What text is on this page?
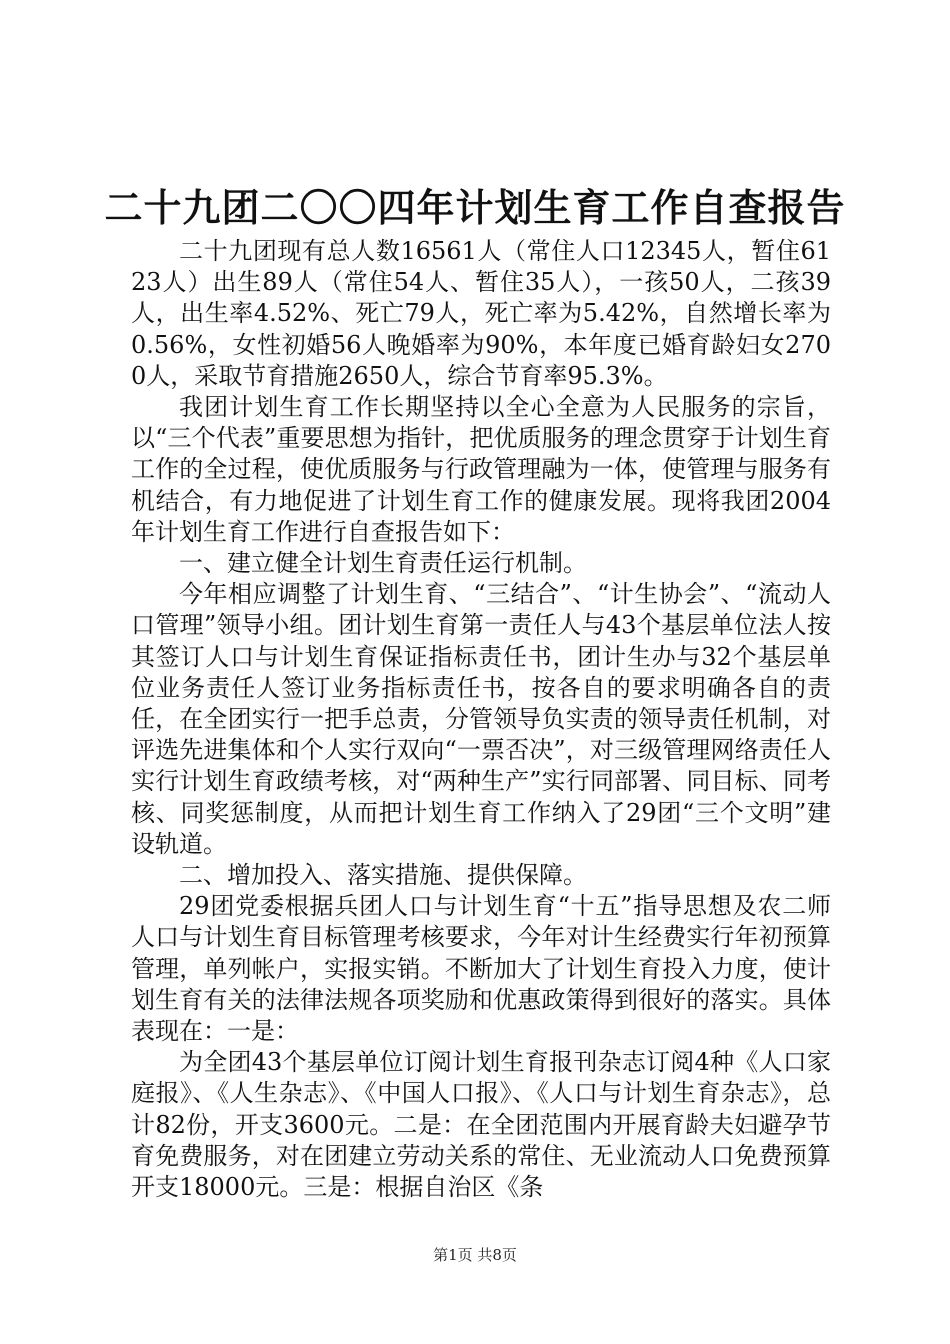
二十九团二〇〇四年计划生育工作自查报告

二十九团现有总人数16561人（常住人口12345人，暂住6123人）出生89人（常住54人、暂住35人），一孩50人，二孩39人，出生率4.52%、死亡79人，死亡率为5.42%，自然增长率为0.56%，女性初婚56人晚婚率为90%，本年度已婚育龄妇女2700人，采取节育措施2650人，综合节育率95.3%。

我团计划生育工作长期坚持以全心全意为人民服务的宗旨，以“三个代表”重要思想为指针，把优质服务的理念贯穿于计划生育工作的全过程，使优质服务与行政管理融为一体，使管理与服务有机结合，有力地促进了计划生育工作的健康发展。现将我团2004年计划生育工作进行自查报告如下：

一、建立健全计划生育责任运行机制。

今年相应调整了计划生育、“三结合”、“计生协会”、“流动人口管理”领导小组。团计划生育第一责任人与43个基层单位法人按其签订人口与计划生育保证指标责任书，团计生办与32个基层单位业务责任人签订业务指标责任书，按各自的要求明确各自的责任，在全团实行一把手总责，分管领导负实责的领导责任机制，对评选先进集体和个人实行双向“一票否决”，对三级管理网络责任人实行计划生育政绩考核，对“两种生产”实行同部署、同目标、同考核、同奖惩制度，从而把计划生育工作纳入了29团“三个文明”建设轨道。

二、增加投入、落实措施、提供保障。

29团党委根据兵团人口与计划生育“十五”指导思想及农二师人口与计划生育目标管理考核要求，今年对计生经费实行年初预算管理，单列帐户，实报实销。不断加大了计划生育投入力度，使计划生育有关的法律法规各项奖励和优惠政策得到很好的落实。具体表现在：一是：

为全团43个基层单位订阅计划生育报刊杂志订阅4种《人口家庭报》、《人生杂志》、《中国人口报》、《人口与计划生育杂志》，总计82份，开支3600元。二是：在全团范围内开展育龄夫妇避孕节育免费服务，对在团建立劳动关系的常住、无业流动人口免费预算开支18000元。三是：根据自治区《条

第1页 共8页
